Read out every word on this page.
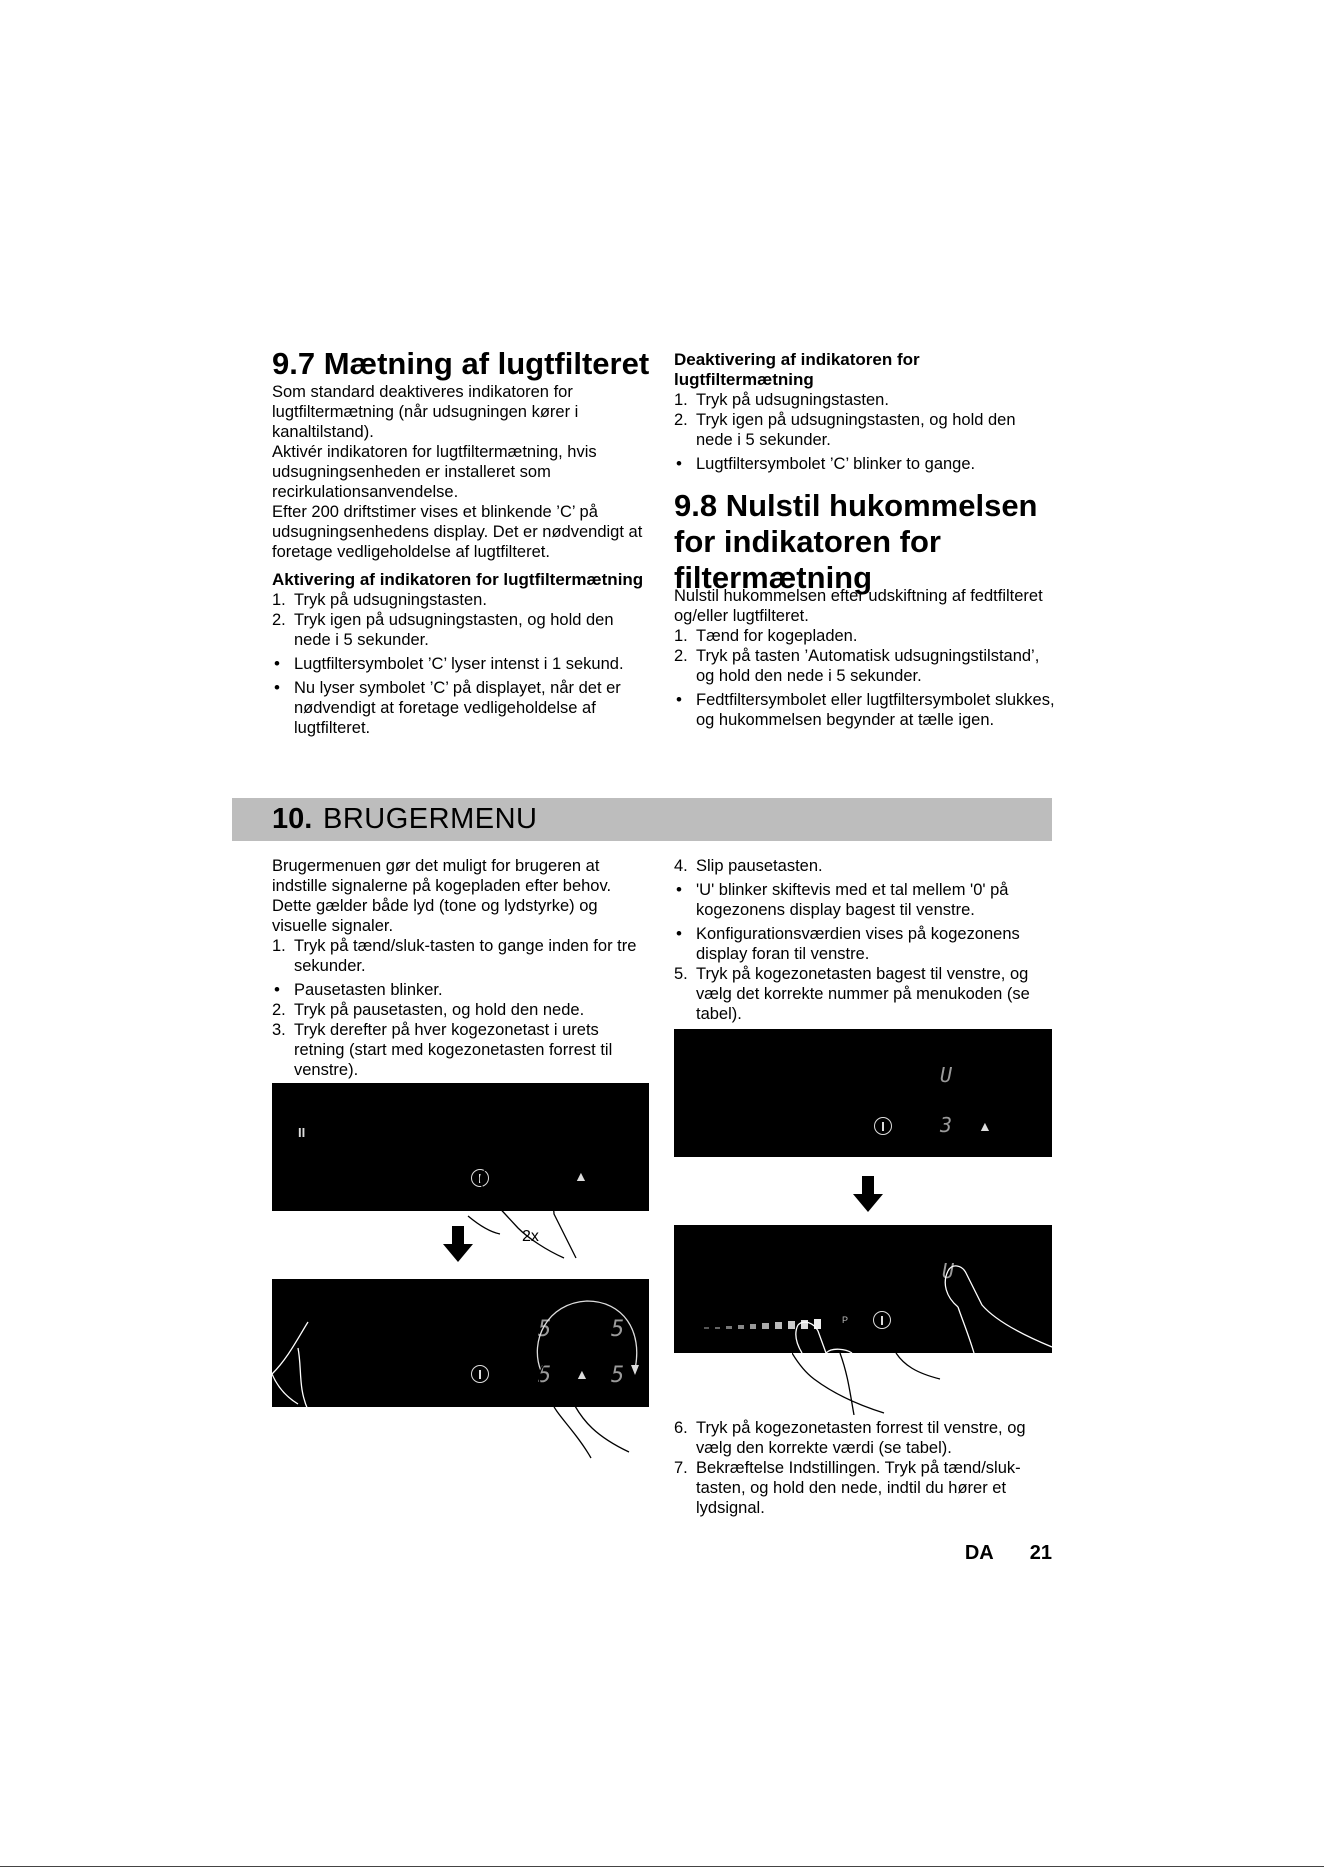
9.7 Mætning af lugtfilteret

Som standard deaktiveres indikatoren for lugtfiltermætning (når udsugningen kører i kanaltilstand).

Aktivér indikatoren for lugtfiltermætning, hvis udsugningsenheden er installeret som recirkulationsanvendelse.

Efter 200 driftstimer vises et blinkende ’C’ på udsugningsenhedens display. Det er nødvendigt at foretage vedligeholdelse af lugtfilteret.

Aktivering af indikatoren for lugtfiltermætning
1. Tryk på udsugningstasten.
2. Tryk igen på udsugningstasten, og hold den nede i 5 sekunder.
• Lugtfiltersymbolet ’C’ lyser intenst i 1 sekund.
• Nu lyser symbolet ’C’ på displayet, når det er nødvendigt at foretage vedligeholdelse af lugtfilteret.
Deaktivering af indikatoren for lugtfiltermætning
1. Tryk på udsugningstasten.
2. Tryk igen på udsugningstasten, og hold den nede i 5 sekunder.
• Lugtfiltersymbolet ’C’ blinker to gange.
9.8 Nulstil hukommelsen for indikatoren for filtermætning

Nulstil hukommelsen efter udskiftning af fedtfilteret og/eller lugtfilteret.

1. Tænd for kogepladen.
2. Tryk på tasten ’Automatisk udsugningstilstand’, og hold den nede i 5 sekunder.
• Fedtfiltersymbolet eller lugtfiltersymbolet slukkes, og hukommelsen begynder at tælle igen.
10. BRUGERMENU

Brugermenuen gør det muligt for brugeren at indstille signalerne på kogepladen efter behov. Dette gælder både lyd (tone og lydstyrke) og visuelle signaler.

1. Tryk på tænd/sluk-tasten to gange inden for tre sekunder.
• Pausetasten blinker.
2. Tryk på pausetasten, og hold den nede.
3. Tryk derefter på hver kogezonetast i urets retning (start med kogezonetasten forrest til venstre).
4. Slip pausetasten.
• 'U' blinker skiftevis med et tal mellem '0' på kogezonens display bagest til venstre.
• Konfigurationsværdien vises på kogezonens display foran til venstre.
5. Tryk på kogezonetasten bagest til venstre, og vælg det korrekte nummer på menukoden (se tabel).
II
▲
2x
▲
5	5
5	5
U
3 ▲
P
U
6. Tryk på kogezonetasten forrest til venstre, og vælg den korrekte værdi (se tabel).
7. Bekræftelse Indstillingen. Tryk på tænd/sluk-tasten, og hold den nede, indtil du hører et lydsignal.
DA 21
